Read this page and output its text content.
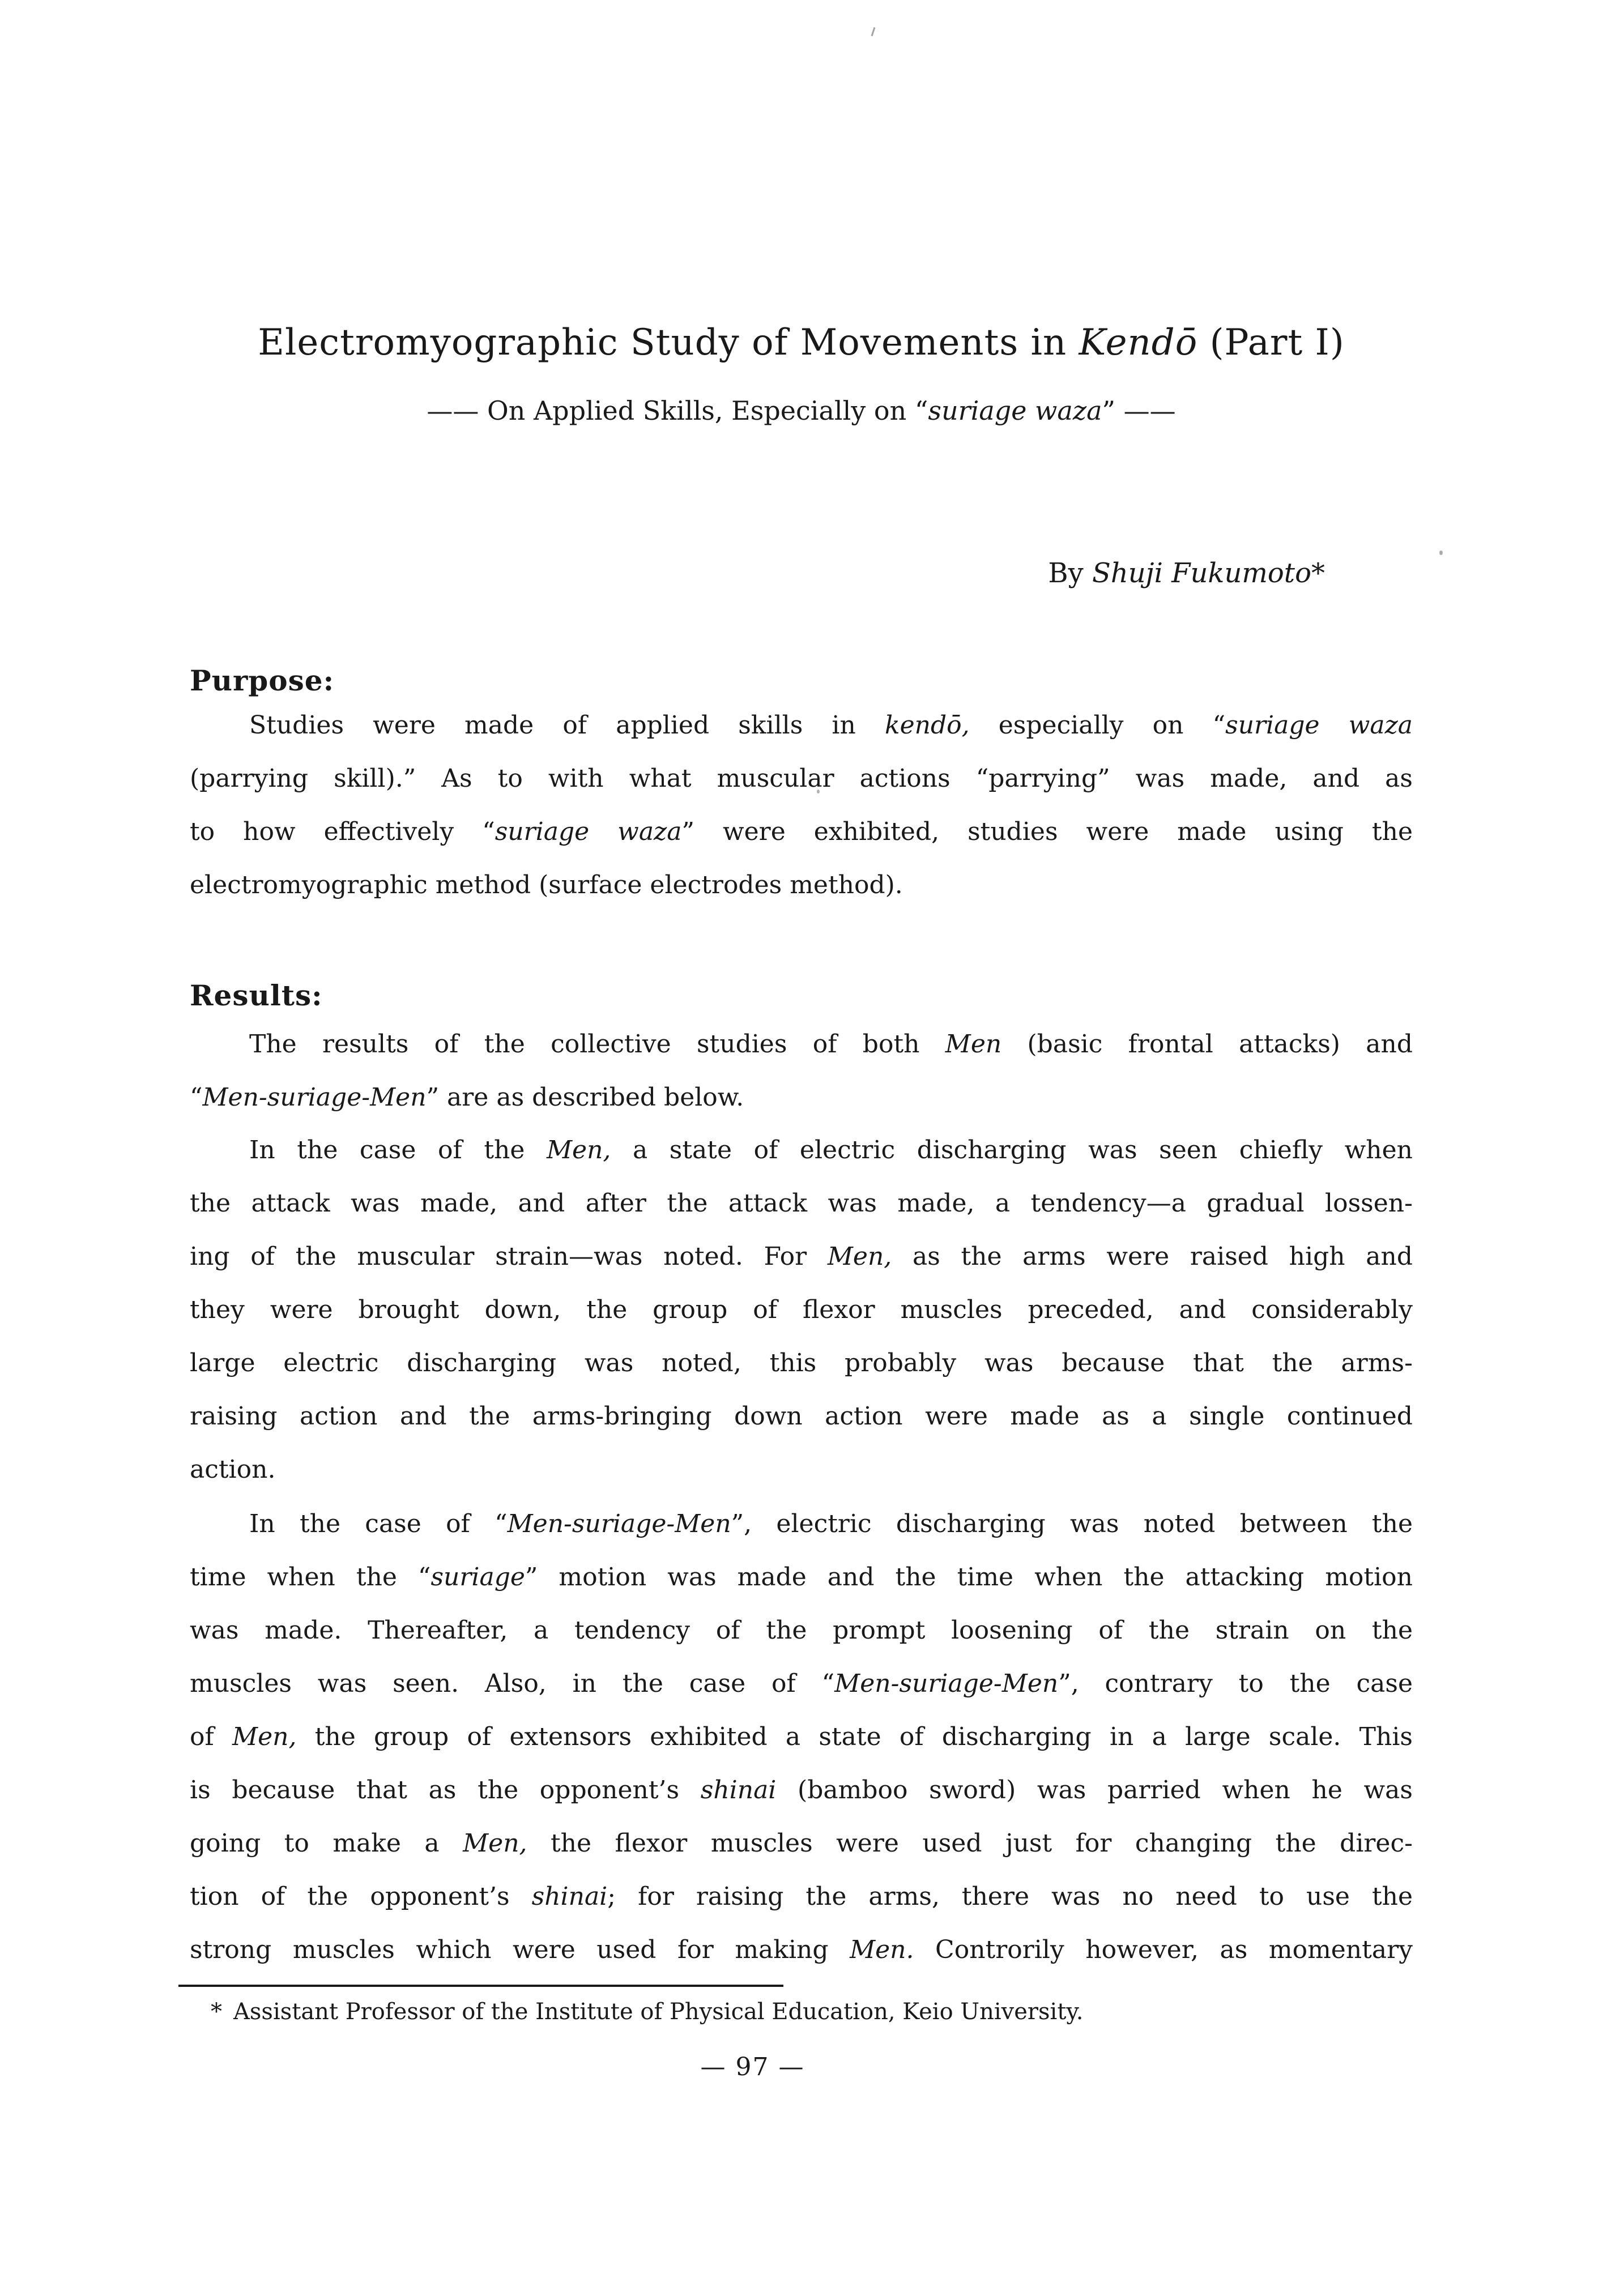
Electromyographic Study of Movements in Kendō (Part I)
—— On Applied Skills, Especially on “suriage waza” ——
By Shuji Fukumoto*
Purpose:
Studies were made of applied skills in kendō, especially on “suriage waza
(parrying skill).” As to with what muscular actions “parrying” was made, and as
to how effectively “suriage waza” were exhibited, studies were made using the
electromyographic method (surface electrodes method).
Results:
The results of the collective studies of both Men (basic frontal attacks) and
“Men-suriage-Men” are as described below.
In the case of the Men, a state of electric discharging was seen chiefly when
the attack was made, and after the attack was made, a tendency—a gradual lossen-
ing of the muscular strain—was noted. For Men, as the arms were raised high and
they were brought down, the group of flexor muscles preceded, and considerably
large electric discharging was noted, this probably was because that the arms-
raising action and the arms-bringing down action were made as a single continued
action.
In the case of “Men-suriage-Men”, electric discharging was noted between the
time when the “suriage” motion was made and the time when the attacking motion
was made. Thereafter, a tendency of the prompt loosening of the strain on the
muscles was seen. Also, in the case of “Men-suriage-Men”, contrary to the case
of Men, the group of extensors exhibited a state of discharging in a large scale. This
is because that as the opponent’s shinai (bamboo sword) was parried when he was
going to make a Men, the flexor muscles were used just for changing the direc-
tion of the opponent’s shinai; for raising the arms, there was no need to use the
strong muscles which were used for making Men. Controrily however, as momentary
* Assistant Professor of the Institute of Physical Education, Keio University.
— 97 —
